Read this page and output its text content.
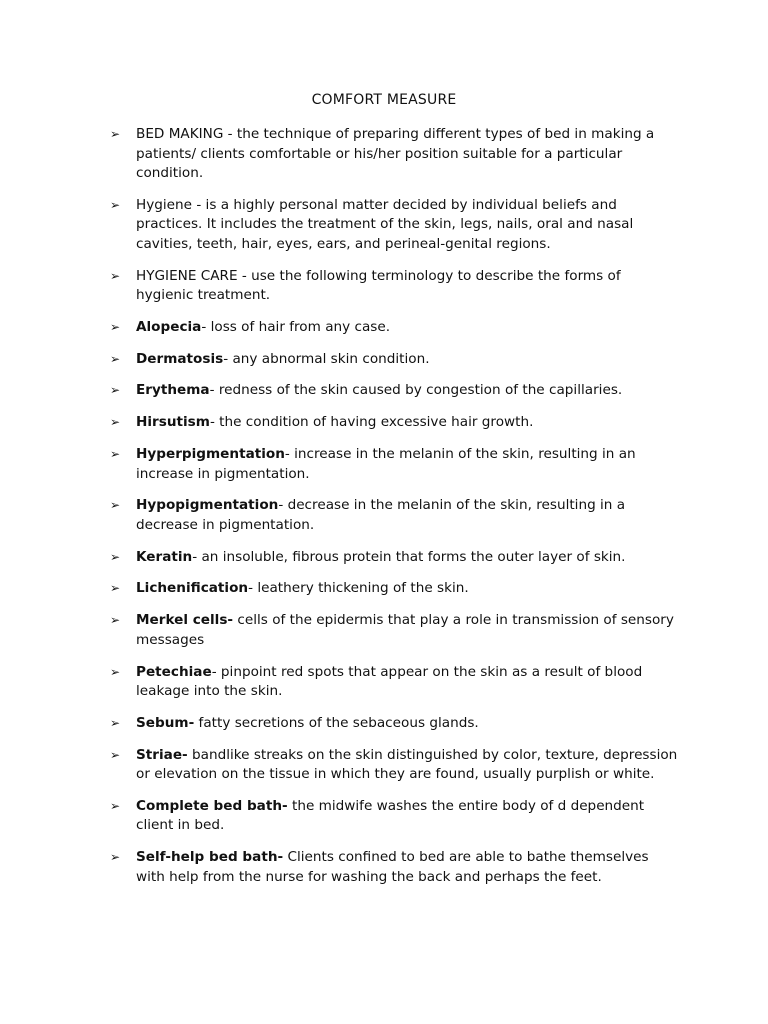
COMFORT MEASURE
➢ BED MAKING - the technique of preparing different types of bed in making a patients/ clients comfortable or his/her position suitable for a particular condition.
➢ Hygiene - is a highly personal matter decided by individual beliefs and practices. It includes the treatment of the skin, legs, nails, oral and nasal cavities, teeth, hair, eyes, ears, and perineal-genital regions.
➢ HYGIENE CARE - use the following terminology to describe the forms of hygienic treatment.
➢ Alopecia- loss of hair from any case.
➢ Dermatosis- any abnormal skin condition.
➢ Erythema- redness of the skin caused by congestion of the capillaries.
➢ Hirsutism- the condition of having excessive hair growth.
➢ Hyperpigmentation- increase in the melanin of the skin, resulting in an increase in pigmentation.
➢ Hypopigmentation- decrease in the melanin of the skin, resulting in a decrease in pigmentation.
➢ Keratin- an insoluble, fibrous protein that forms the outer layer of skin.
➢ Lichenification- leathery thickening of the skin.
➢ Merkel cells- cells of the epidermis that play a role in transmission of sensory messages
➢ Petechiae- pinpoint red spots that appear on the skin as a result of blood leakage into the skin.
➢ Sebum- fatty secretions of the sebaceous glands.
➢ Striae- bandlike streaks on the skin distinguished by color, texture, depression or elevation on the tissue in which they are found, usually purplish or white.
➢ Complete bed bath- the midwife washes the entire body of d dependent client in bed.
➢ Self-help bed bath- Clients confined to bed are able to bathe themselves with help from the nurse for washing the back and perhaps the feet.
